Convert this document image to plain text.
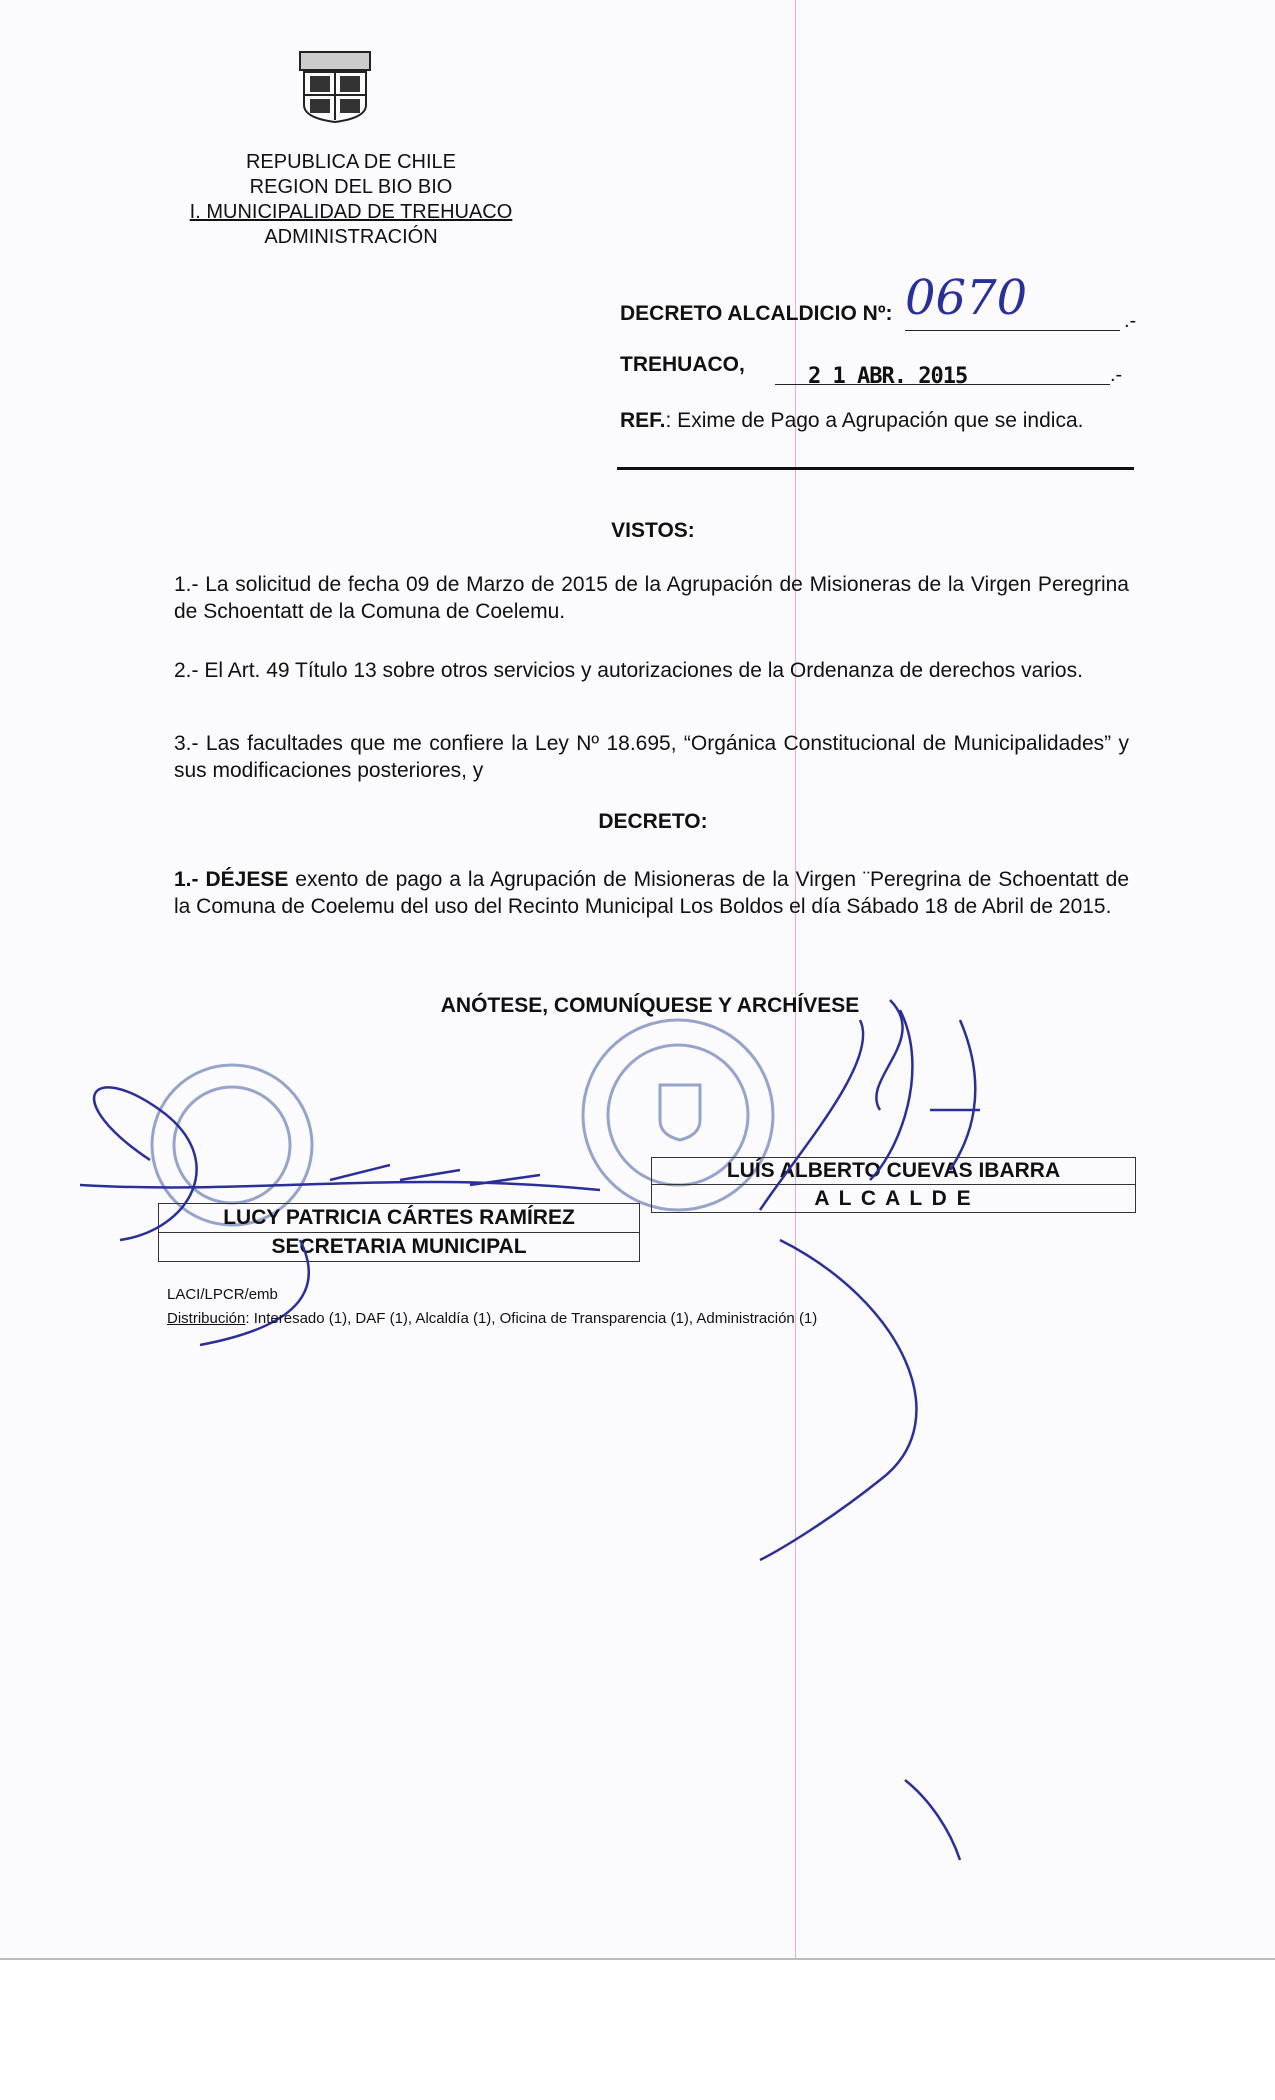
REPUBLICA DE CHILE
REGION DEL BIO BIO
I. MUNICIPALIDAD DE TREHUACO
ADMINISTRACIÓN
DECRETO ALCALDICIO Nº: 0670	.-
TREHUACO,	2 1 ABR. 2015	.-
REF.: Exime de Pago a Agrupación que se indica.
VISTOS:
1.- La solicitud de fecha 09 de Marzo de 2015 de la Agrupación de Misioneras de la Virgen Peregrina de Schoentatt de la Comuna de Coelemu.
2.- El Art. 49 Título 13 sobre otros servicios y autorizaciones de la Ordenanza de derechos varios.
3.- Las facultades que me confiere la Ley Nº 18.695, “Orgánica Constitucional de Municipalidades” y sus modificaciones posteriores, y
DECRETO:
1.- DÉJESE exento de pago a la Agrupación de Misioneras de la Virgen ¨Peregrina de Schoentatt de la Comuna de Coelemu del uso del Recinto Municipal Los Boldos el día Sábado 18 de Abril de 2015.
ANÓTESE, COMUNÍQUESE Y ARCHÍVESE
LUÍS ALBERTO CUEVAS IBARRA
A L C A L D E
LUCY PATRICIA CÁRTES RAMÍREZ
SECRETARIA MUNICIPAL
LACI/LPCR/emb
Distribución: Interesado (1), DAF (1), Alcaldía (1), Oficina de Transparencia (1), Administración (1)
